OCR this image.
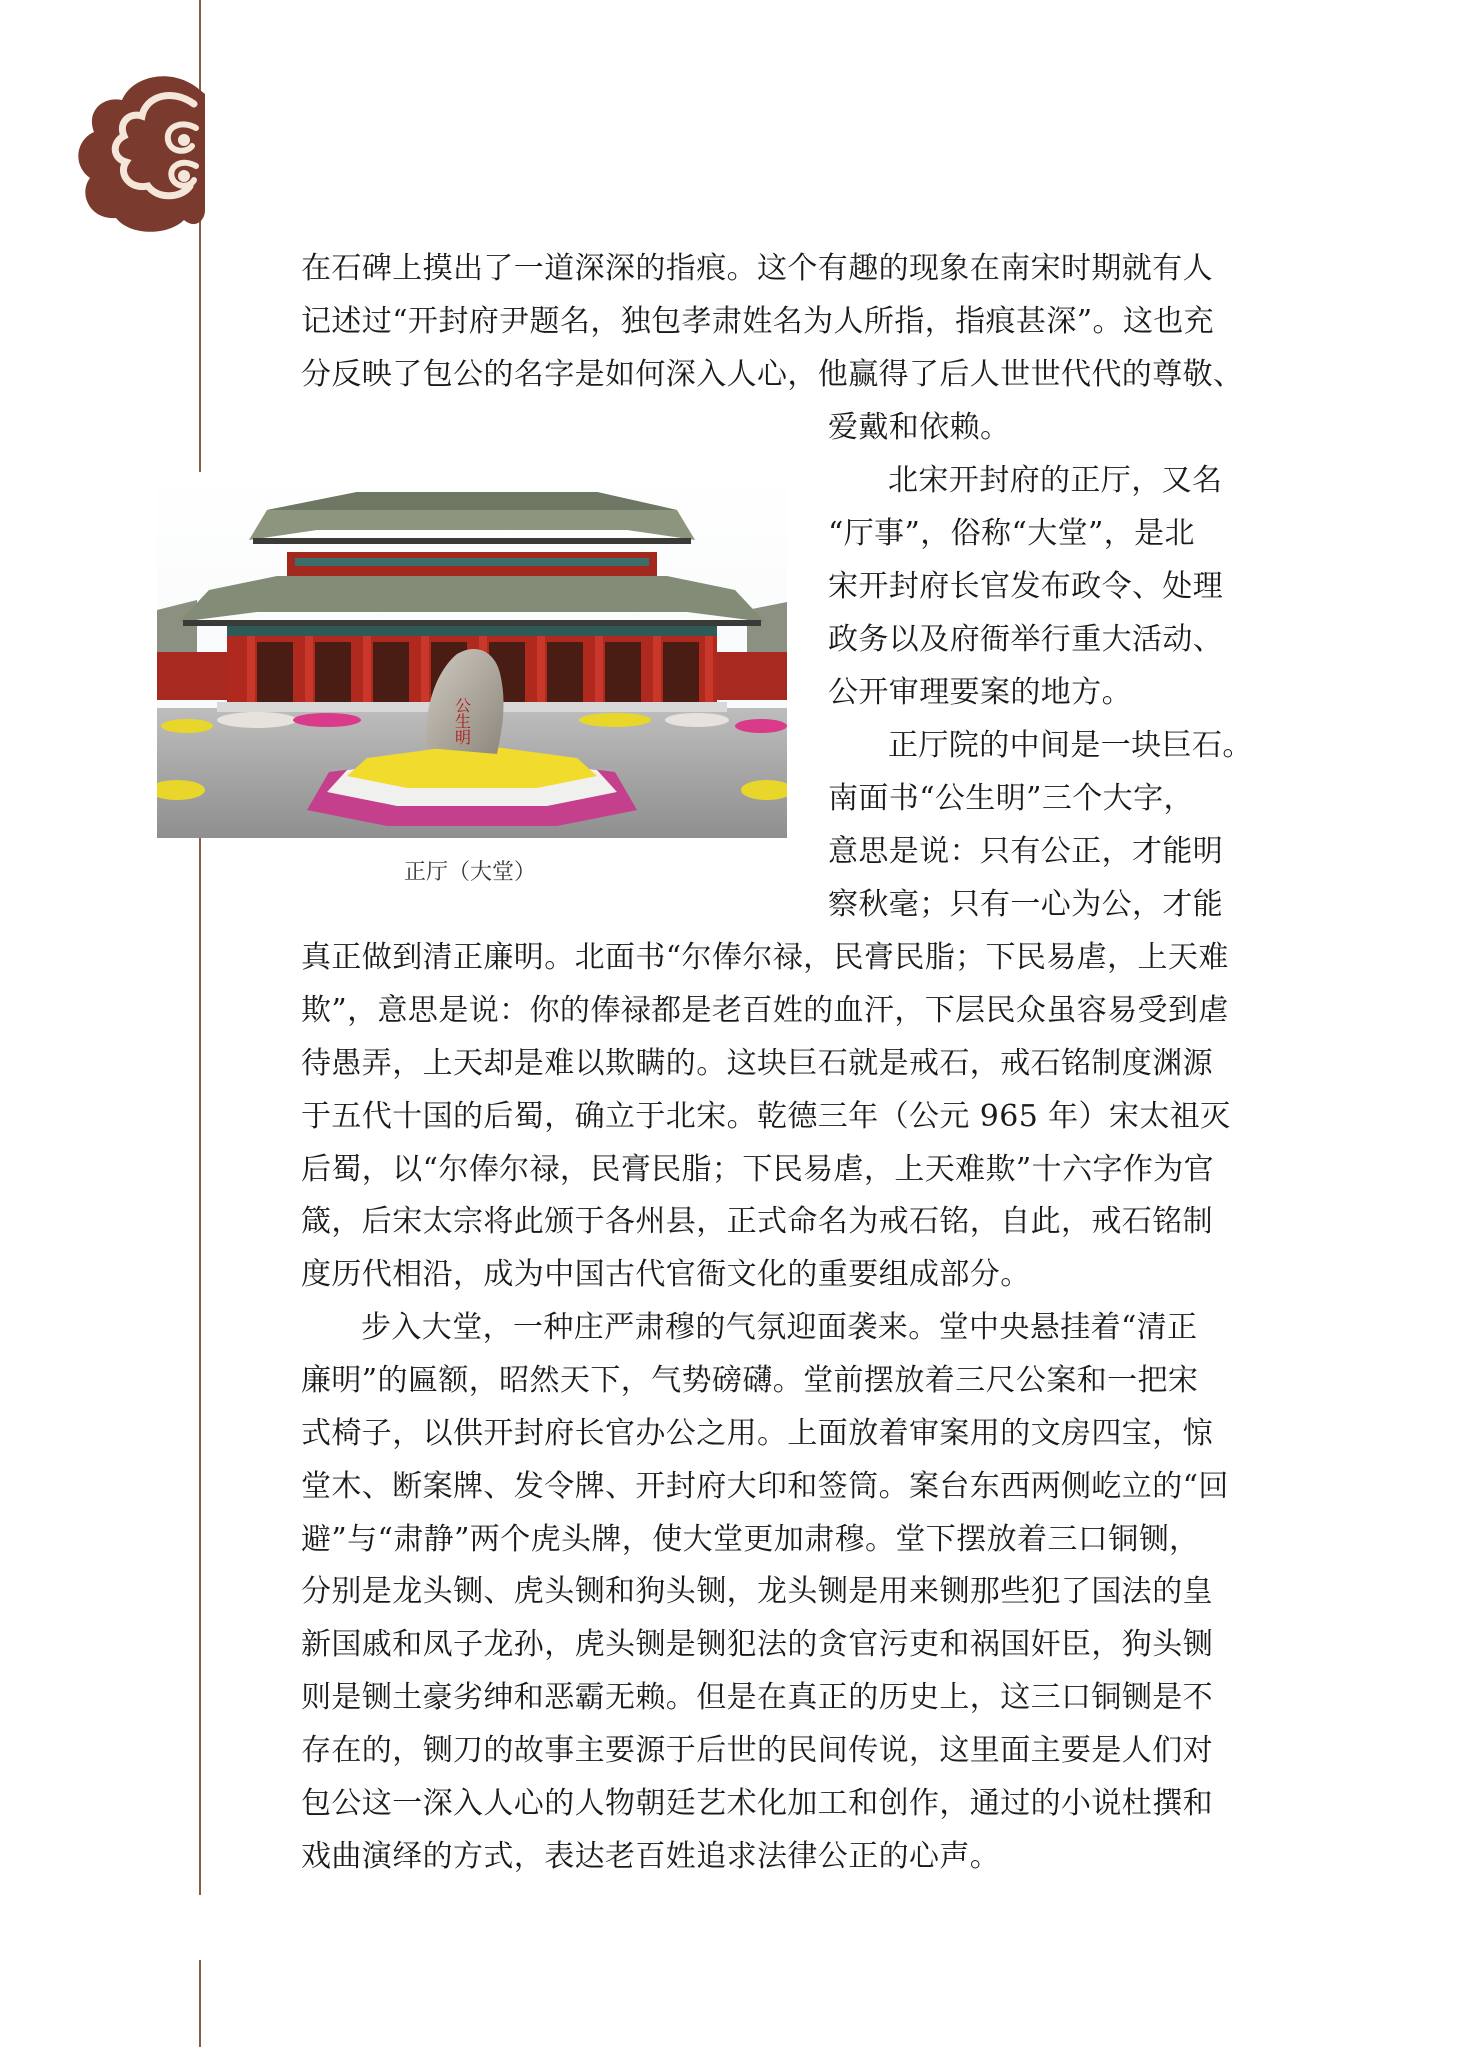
在石碑上摸出了一道深深的指痕。这个有趣的现象在南宋时期就有人
记述过“开封府尹题名，独包孝肃姓名为人所指，指痕甚深”。这也充
分反映了包公的名字是如何深入人心，他赢得了后人世世代代的尊敬、
爱戴和依赖。
北宋开封府的正厅，又名
“厅事”，俗称“大堂”，是北
宋开封府长官发布政令、处理
政务以及府衙举行重大活动、
公开审理要案的地方。
正厅院的中间是一块巨石。
南面书“公生明”三个大字，
意思是说：只有公正，才能明
察秋毫；只有一心为公，才能
真正做到清正廉明。北面书“尔俸尔禄，民膏民脂；下民易虐，上天难
欺”，意思是说：你的俸禄都是老百姓的血汗，下层民众虽容易受到虐
待愚弄，上天却是难以欺瞒的。这块巨石就是戒石，戒石铭制度渊源
于五代十国的后蜀，确立于北宋。乾德三年（公元 965 年）宋太祖灭
后蜀，以“尔俸尔禄，民膏民脂；下民易虐，上天难欺”十六字作为官
箴，后宋太宗将此颁于各州县，正式命名为戒石铭，自此，戒石铭制
度历代相沿，成为中国古代官衙文化的重要组成部分。
步入大堂，一种庄严肃穆的气氛迎面袭来。堂中央悬挂着“清正
廉明”的匾额，昭然天下，气势磅礴。堂前摆放着三尺公案和一把宋
式椅子，以供开封府长官办公之用。上面放着审案用的文房四宝，惊
堂木、断案牌、发令牌、开封府大印和签筒。案台东西两侧屹立的“回
避”与“肃静”两个虎头牌，使大堂更加肃穆。堂下摆放着三口铜铡，
分别是龙头铡、虎头铡和狗头铡，龙头铡是用来铡那些犯了国法的皇
新国戚和凤子龙孙，虎头铡是铡犯法的贪官污吏和祸国奸臣，狗头铡
则是铡土豪劣绅和恶霸无赖。但是在真正的历史上，这三口铜铡是不
存在的，铡刀的故事主要源于后世的民间传说，这里面主要是人们对
包公这一深入人心的人物朝廷艺术化加工和创作，通过的小说杜撰和
戏曲演绎的方式，表达老百姓追求法律公正的心声。
公生明
正厅（大堂）
